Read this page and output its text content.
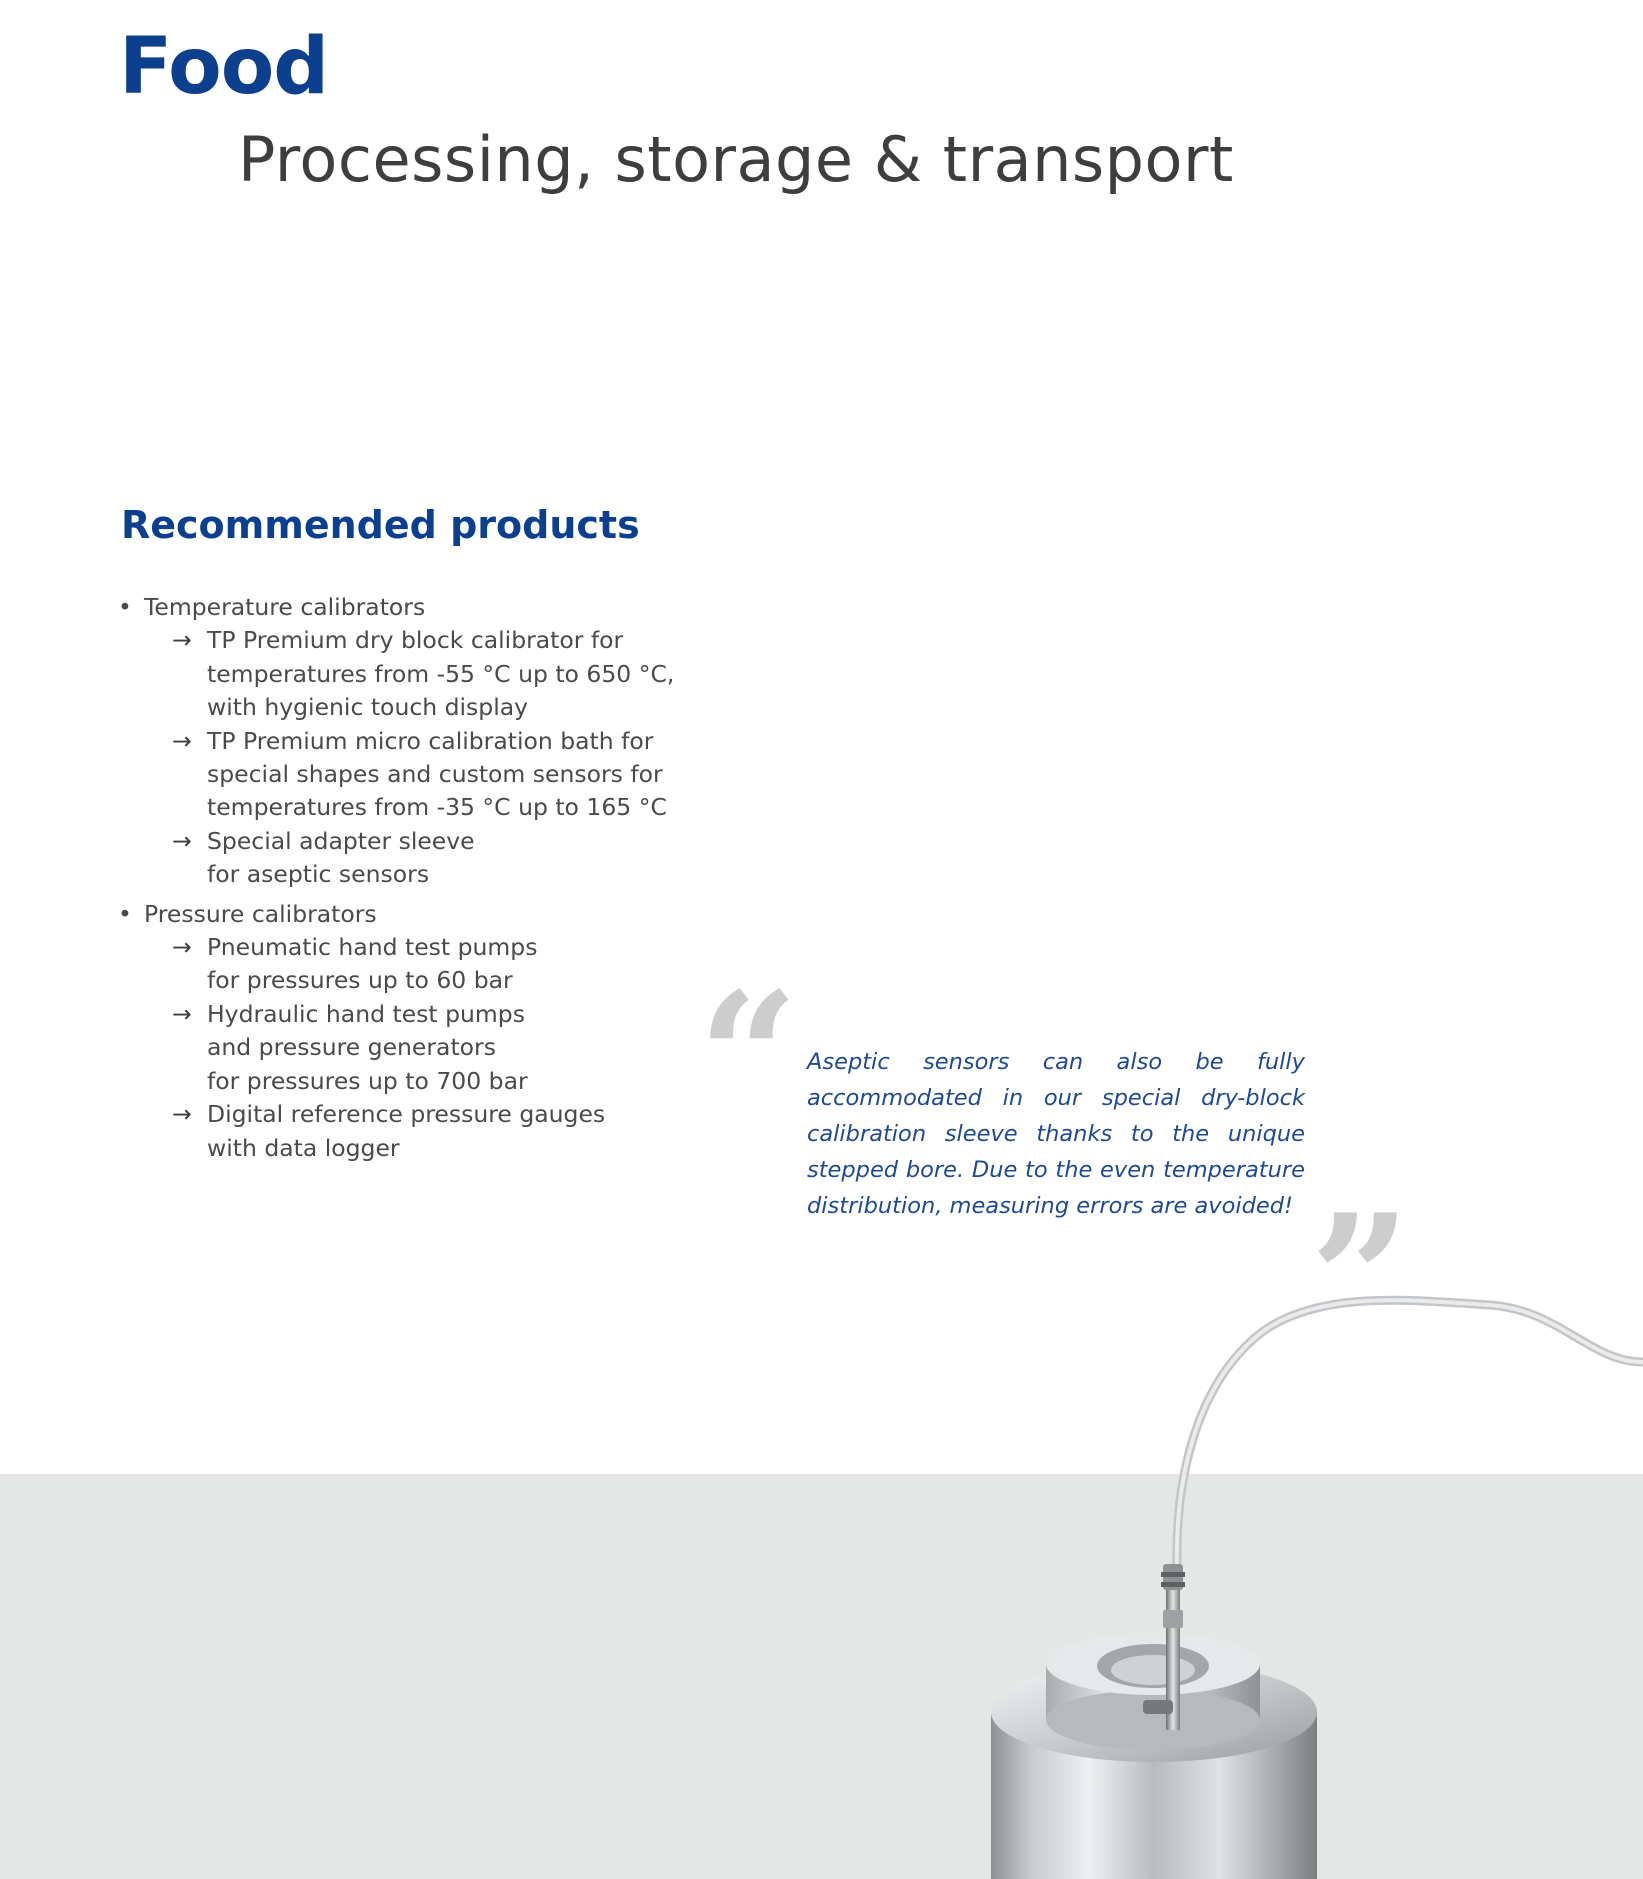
Food
Processing, storage & transport
Recommended products
• Temperature calibrators
→ TP Premium dry block calibrator for
temperatures from -55 °C up to 650 °C,
with hygienic touch display
→ TP Premium micro calibration bath for
special shapes and custom sensors for
temperatures from -35 °C up to 165 °C
→ Special adapter sleeve
for aseptic sensors
• Pressure calibrators
→ Pneumatic hand test pumps
for pressures up to 60 bar
→ Hydraulic hand test pumps
and pressure generators
for pressures up to 700 bar
→ Digital reference pressure gauges
with data logger	“ Aseptic sensors can also be fully accommodated in our special dry-block calibration sleeve thanks to the unique stepped bore. Due to the even temperature distribution, measuring errors are avoided! ”
